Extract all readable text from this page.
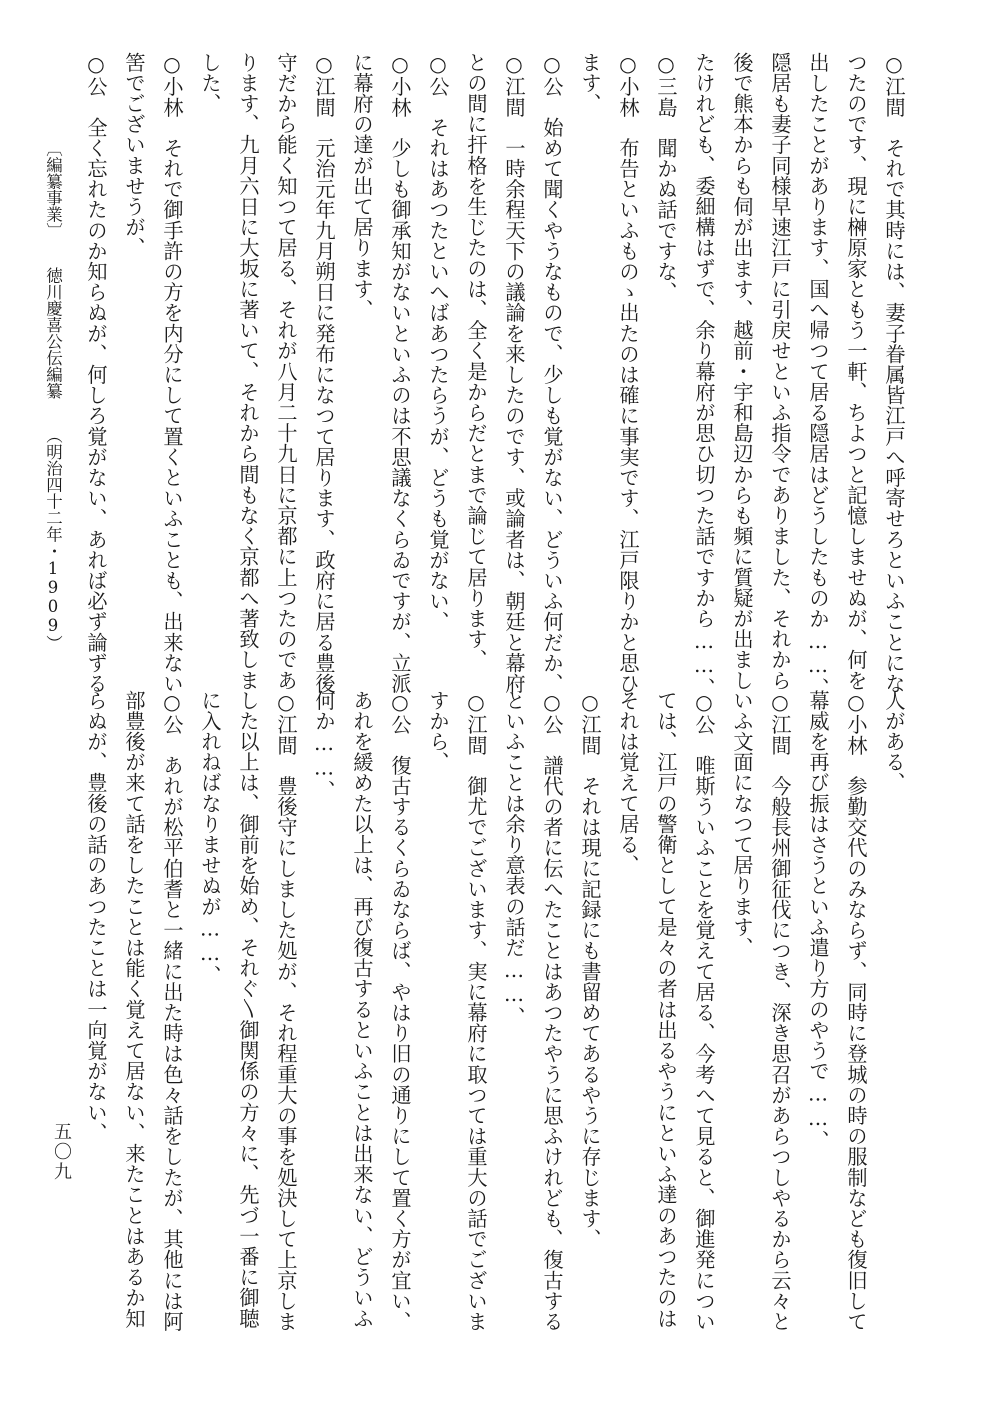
○江間それで其時には、妻子眷属皆江戸へ呼寄せろといふことにな
つたのです、現に榊原家ともう一軒、ちよつと記憶しませぬが、何を
出したことがあります、国へ帰つて居る隠居はどうしたものか……、
隠居も妻子同様早速江戸に引戻せといふ指令でありました、それから
後で熊本からも伺が出ます、越前・宇和島辺からも頻に質疑が出まし
たけれども、委細構はずで、余り幕府が思ひ切つた話ですから……、
○三島聞かぬ話ですな、
○小林布告といふものゝ出たのは確に事実です、江戸限りかと思ひ
ます、
○公始めて聞くやうなもので、少しも覚がない、どういふ何だか、
○江間一時余程天下の議論を来したのです、或論者は、朝廷と幕府
との間に扞格を生じたのは、全く是からだとまで論じて居ります、
○公それはあつたといへばあつたらうが、どうも覚がない、
○小林少しも御承知がないといふのは不思議なくらゐですが、立派
に幕府の達が出て居ります、
○江間元治元年九月朔日に発布になつて居ります、政府に居る豊後
守だから能く知つて居る、それが八月二十九日に京都に上つたのであ
ります、九月六日に大坂に著いて、それから間もなく京都へ著致しま
した、
○小林それで御手許の方を内分にして置くといふことも、出来ない
筈でございませうが、
○公全く忘れたのか知らぬが、何しろ覚がない、あれば必ず論ずる
人がある、
○小林参勤交代のみならず、同時に登城の時の服制なども復旧して
幕威を再び振はさうといふ遣り方のやうで……、
○江間今般長州御征伐につき、深き思召があらつしやるから云々と
いふ文面になつて居ります、
○公唯斯ういふことを覚えて居る、今考へて見ると、御進発につい
ては、江戸の警衛として是々の者は出るやうにといふ達のあつたのは
それは覚えて居る、
○江間それは現に記録にも書留めてあるやうに存じます、
○公譜代の者に伝へたことはあつたやうに思ふけれども、復古する
といふことは余り意表の話だ……、
○江間御尤でございます、実に幕府に取つては重大の話でございま
すから、
○公復古するくらゐならば、やはり旧の通りにして置く方が宜い、
あれを緩めた以上は、再び復古するといふことは出来ない、どういふ
何か……、
○江間豊後守にしました処が、それ程重大の事を処決して上京しま
した以上は、御前を始め、それぐ〵御関係の方々に、先づ一番に御聴
に入れねばなりませぬが……、
○公あれが松平伯耆と一緒に出た時は色々話をしたが、其他には阿
部豊後が来て話をしたことは能く覚えて居ない、来たことはあるか知
らぬが、豊後の話のあつたことは一向覚がない、
〔編纂事業〕徳川慶喜公伝編纂（明治四十二年・1909）
五〇九
